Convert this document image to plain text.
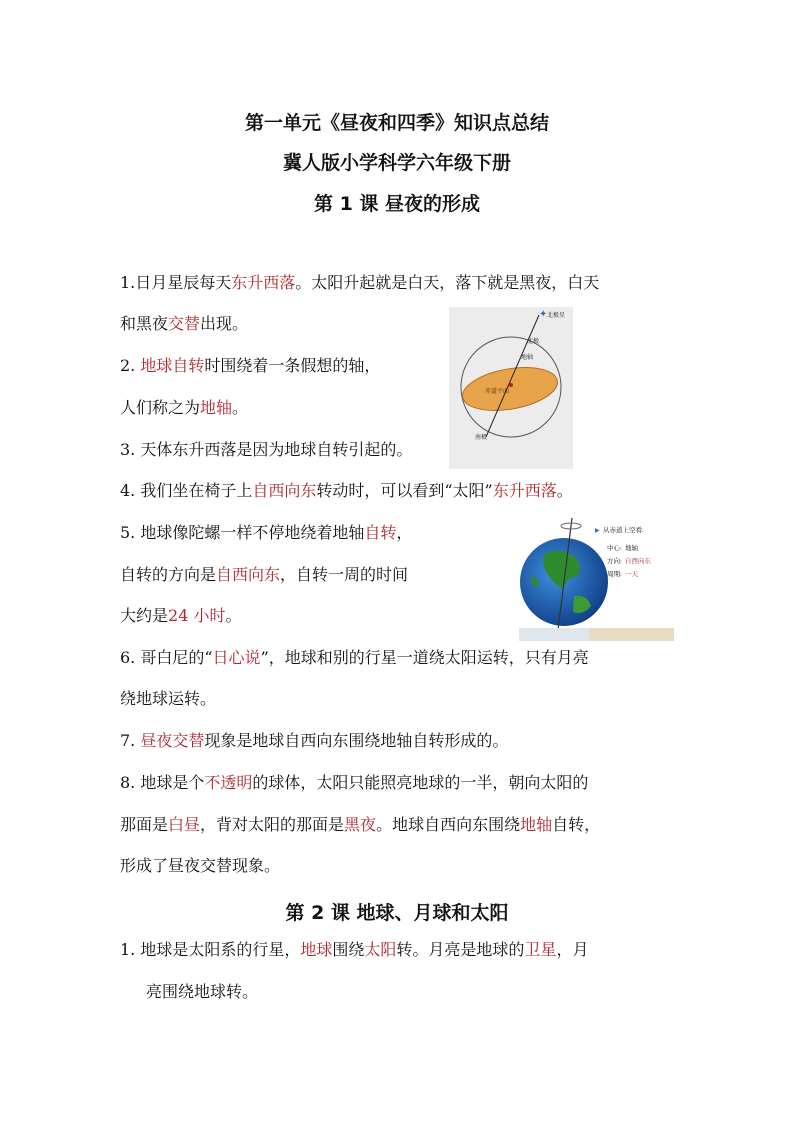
第一单元《昼夜和四季》知识点总结
冀人版小学科学六年级下册
第 1 课 昼夜的形成
1.日月星辰每天东升西落。太阳升起就是白天，落下就是黑夜，白天
和黑夜交替出现。
2. 地球自转时围绕着一条假想的轴，
人们称之为地轴。
3. 天体东升西落是因为地球自转引起的。
4. 我们坐在椅子上自西向东转动时，可以看到“太阳”东升西落。
5. 地球像陀螺一样不停地绕着地轴自转，
自转的方向是自西向东，自转一周的时间
大约是24 小时。
6. 哥白尼的“日心说”，地球和别的行星一道绕太阳运转，只有月亮
绕地球运转。
7. 昼夜交替现象是地球自西向东围绕地轴自转形成的。
8. 地球是个不透明的球体，太阳只能照亮地球的一半，朝向太阳的
那面是白昼，背对太阳的那面是黑夜。地球自西向东围绕地轴自转，
形成了昼夜交替现象。
第 2 课 地球、月球和太阳
1. 地球是太阳系的行星，地球围绕太阳转。月亮是地球的卫星，月
亮围绕地球转。
✦ 北极星
北极
地轴
赤道平面
南极
▶ 从赤道上空看:
中心: 地轴
方向: 自西向东
周期: 一天
